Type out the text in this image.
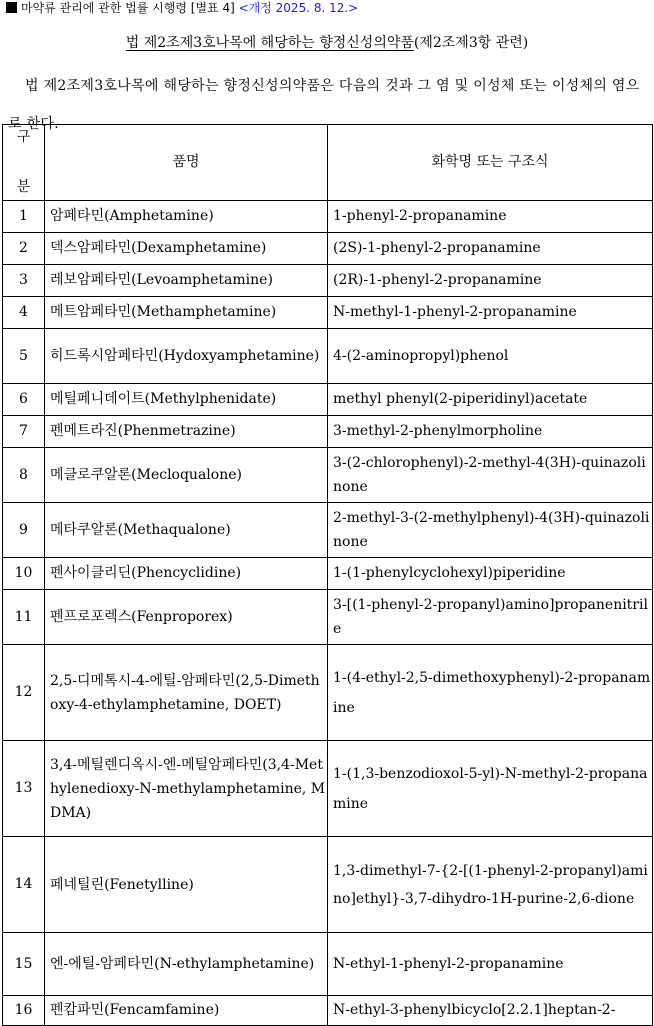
마약류 관리에 관한 법률 시행령 [별표 4] <개정 2025. 8. 12.>
법 제2조제3호나목에 해당하는 향정신성의약품(제2조제3항 관련)
법 제2조제3호나목에 해당하는 향정신성의약품은 다음의 것과 그 염 및 이성체 또는 이성체의 염으로 한다.
구

분	품명	화학명 또는 구조식
1	암페타민(Amphetamine)	1-phenyl-2-propanamine
2	덱스암페타민(Dexamphetamine)	(2S)-1-phenyl-2-propanamine
3	레보암페타민(Levoamphetamine)	(2R)-1-phenyl-2-propanamine
4	메트암페타민(Methamphetamine)	N-methyl-1-phenyl-2-propanamine
5	히드록시암페타민(Hydoxyamphetamine)	4-(2-aminopropyl)phenol
6	메틸페니데이트(Methylphenidate)	methyl phenyl(2-piperidinyl)acetate
7	펜메트라진(Phenmetrazine)	3-methyl-2-phenylmorpholine
8	메클로쿠알론(Mecloqualone)	3-(2-chlorophenyl)-2-methyl-4(3H)-quinazolinone
9	메타쿠알론(Methaqualone)	2-methyl-3-(2-methylphenyl)-4(3H)-quinazolinone
10	펜사이클리딘(Phencyclidine)	1-(1-phenylcyclohexyl)piperidine
11	펜프로포렉스(Fenproporex)	3-[(1-phenyl-2-propanyl)amino]propanenitrile
12	2,5-디메톡시-4-에틸-암페타민(2,5-Dimethoxy-4-ethylamphetamine, DOET)	1-(4-ethyl-2,5-dimethoxyphenyl)-2-propanamine
13	3,4-메틸렌디옥시-엔-메틸암페타민(3,4-Methylenedioxy-N-methylamphetamine, MDMA)	1-(1,3-benzodioxol-5-yl)-N-methyl-2-propanamine
14	페네틸린(Fenetylline)	1,3-dimethyl-7-{2-[(1-phenyl-2-propanyl)amino]ethyl}-3,7-dihydro-1H-purine-2,6-dione
15	엔-에틸-암페타민(N-ethylamphetamine)	N-ethyl-1-phenyl-2-propanamine
16	펜캄파민(Fencamfamine)	N-ethyl-3-phenylbicyclo[2.2.1]heptan-2-
